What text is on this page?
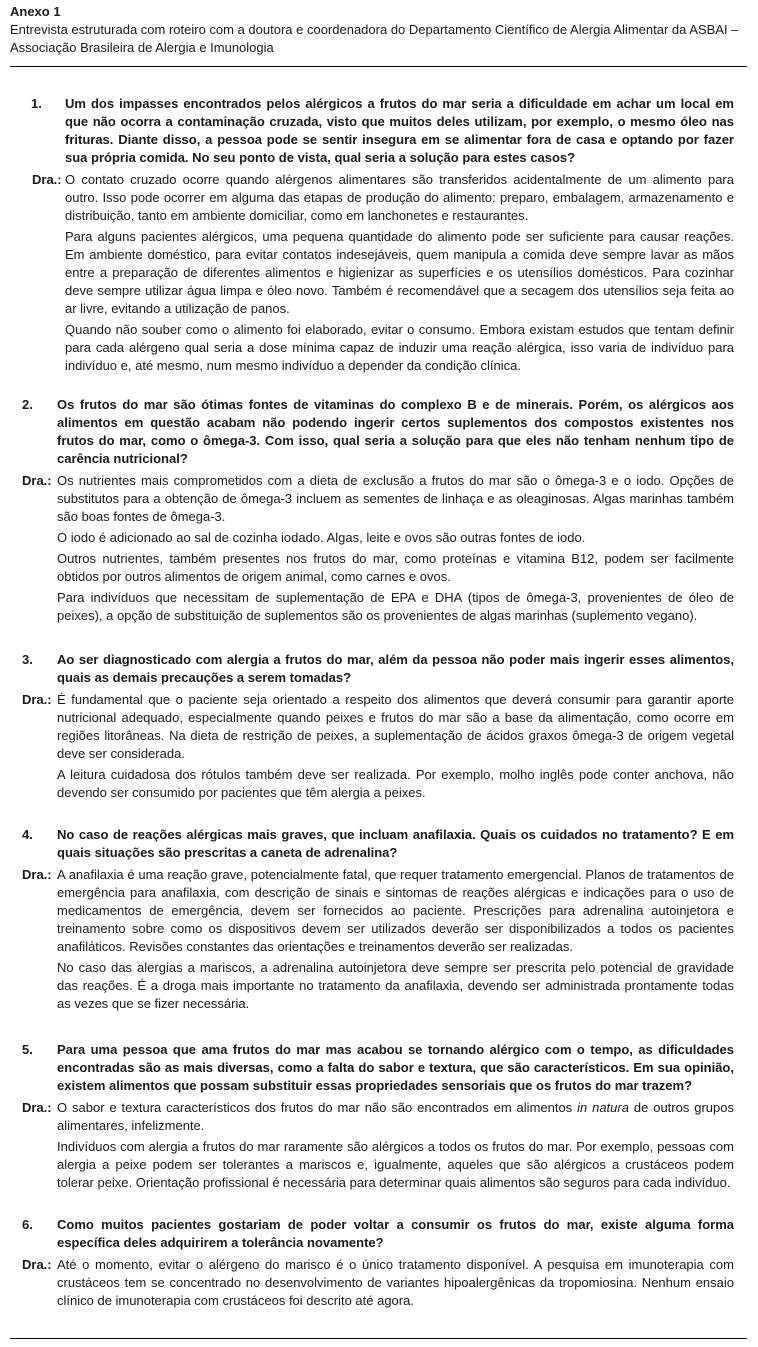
Anexo 1
Entrevista estruturada com roteiro com a doutora e coordenadora do Departamento Científico de Alergia Alimentar da ASBAI – Associação Brasileira de Alergia e Imunologia
1. Um dos impasses encontrados pelos alérgicos a frutos do mar seria a dificuldade em achar um local em que não ocorra a contaminação cruzada, visto que muitos deles utilizam, por exemplo, o mesmo óleo nas frituras. Diante disso, a pessoa pode se sentir insegura em se alimentar fora de casa e optando por fazer sua própria comida. No seu ponto de vista, qual seria a solução para estes casos?
Dra.: O contato cruzado ocorre quando alérgenos alimentares são transferidos acidentalmente de um alimento para outro. Isso pode ocorrer em alguma das etapas de produção do alimento: preparo, embalagem, armazenamento e distribuição, tanto em ambiente domiciliar, como em lanchonetes e restaurantes.

Para alguns pacientes alérgicos, uma pequena quantidade do alimento pode ser suficiente para causar reações. Em ambiente doméstico, para evitar contatos indesejáveis, quem manipula a comida deve sempre lavar as mãos entre a preparação de diferentes alimentos e higienizar as superfícies e os utensílios domésticos. Para cozinhar deve sempre utilizar água limpa e óleo novo. Também é recomendável que a secagem dos utensílios seja feita ao ar livre, evitando a utilização de panos.

Quando não souber como o alimento foi elaborado, evitar o consumo. Embora existam estudos que tentam definir para cada alérgeno qual seria a dose mínima capaz de induzir uma reação alérgica, isso varia de indivíduo para indivíduo e, até mesmo, num mesmo indivíduo a depender da condição clínica.

2. Os frutos do mar são ótimas fontes de vitaminas do complexo B e de minerais. Porém, os alérgicos aos alimentos em questão acabam não podendo ingerir certos suplementos dos compostos existentes nos frutos do mar, como o ômega-3. Com isso, qual seria a solução para que eles não tenham nenhum tipo de carência nutricional?
Dra.: Os nutrientes mais comprometidos com a dieta de exclusão a frutos do mar são o ômega-3 e o iodo. Opções de substitutos para a obtenção de ômega-3 incluem as sementes de linhaça e as oleaginosas. Algas marinhas também são boas fontes de ômega-3.

O iodo é adicionado ao sal de cozinha iodado. Algas, leite e ovos são outras fontes de iodo.

Outros nutrientes, também presentes nos frutos do mar, como proteínas e vitamina B12, podem ser facilmente obtidos por outros alimentos de origem animal, como carnes e ovos.

Para indivíduos que necessitam de suplementação de EPA e DHA (tipos de ômega-3, provenientes de óleo de peixes), a opção de substituição de suplementos são os provenientes de algas marinhas (suplemento vegano).

3. Ao ser diagnosticado com alergia a frutos do mar, além da pessoa não poder mais ingerir esses alimentos, quais as demais precauções a serem tomadas?
Dra.: É fundamental que o paciente seja orientado a respeito dos alimentos que deverá consumir para garantir aporte nutricional adequado, especialmente quando peixes e frutos do mar são a base da alimentação, como ocorre em regiões litorâneas. Na dieta de restrição de peixes, a suplementação de ácidos graxos ômega-3 de origem vegetal deve ser considerada.

A leitura cuidadosa dos rótulos também deve ser realizada. Por exemplo, molho inglês pode conter anchova, não devendo ser consumido por pacientes que têm alergia a peixes.

4. No caso de reações alérgicas mais graves, que incluam anafilaxia. Quais os cuidados no tratamento? E em quais situações são prescritas a caneta de adrenalina?
Dra.: A anafilaxia é uma reação grave, potencialmente fatal, que requer tratamento emergencial. Planos de tratamentos de emergência para anafilaxia, com descrição de sinais e sintomas de reações alérgicas e indicações para o uso de medicamentos de emergência, devem ser fornecidos ao paciente. Prescrições para adrenalina autoinjetora e treinamento sobre como os dispositivos devem ser utilizados deverão ser disponibilizados a todos os pacientes anafiláticos. Revisões constantes das orientações e treinamentos deverão ser realizadas.

No caso das alergias a mariscos, a adrenalina autoinjetora deve sempre ser prescrita pelo potencial de gravidade das reações. É a droga mais importante no tratamento da anafilaxia, devendo ser administrada prontamente todas as vezes que se fizer necessária.

5. Para uma pessoa que ama frutos do mar mas acabou se tornando alérgico com o tempo, as dificuldades encontradas são as mais diversas, como a falta do sabor e textura, que são característicos. Em sua opinião, existem alimentos que possam substituir essas propriedades sensoriais que os frutos do mar trazem?
Dra.: O sabor e textura característicos dos frutos do mar não são encontrados em alimentos in natura de outros grupos alimentares, infelizmente.

Indivíduos com alergia a frutos do mar raramente são alérgicos a todos os frutos do mar. Por exemplo, pessoas com alergia a peixe podem ser tolerantes a mariscos e, igualmente, aqueles que são alérgicos a crustáceos podem tolerar peixe. Orientação profissional é necessária para determinar quais alimentos são seguros para cada indivíduo.

6. Como muitos pacientes gostariam de poder voltar a consumir os frutos do mar, existe alguma forma específica deles adquirirem a tolerância novamente?
Dra.: Até o momento, evitar o alérgeno do marisco é o único tratamento disponível. A pesquisa em imunoterapia com crustáceos tem se concentrado no desenvolvimento de variantes hipoalergênicas da tropomiosina. Nenhum ensaio clínico de imunoterapia com crustáceos foi descrito até agora.
